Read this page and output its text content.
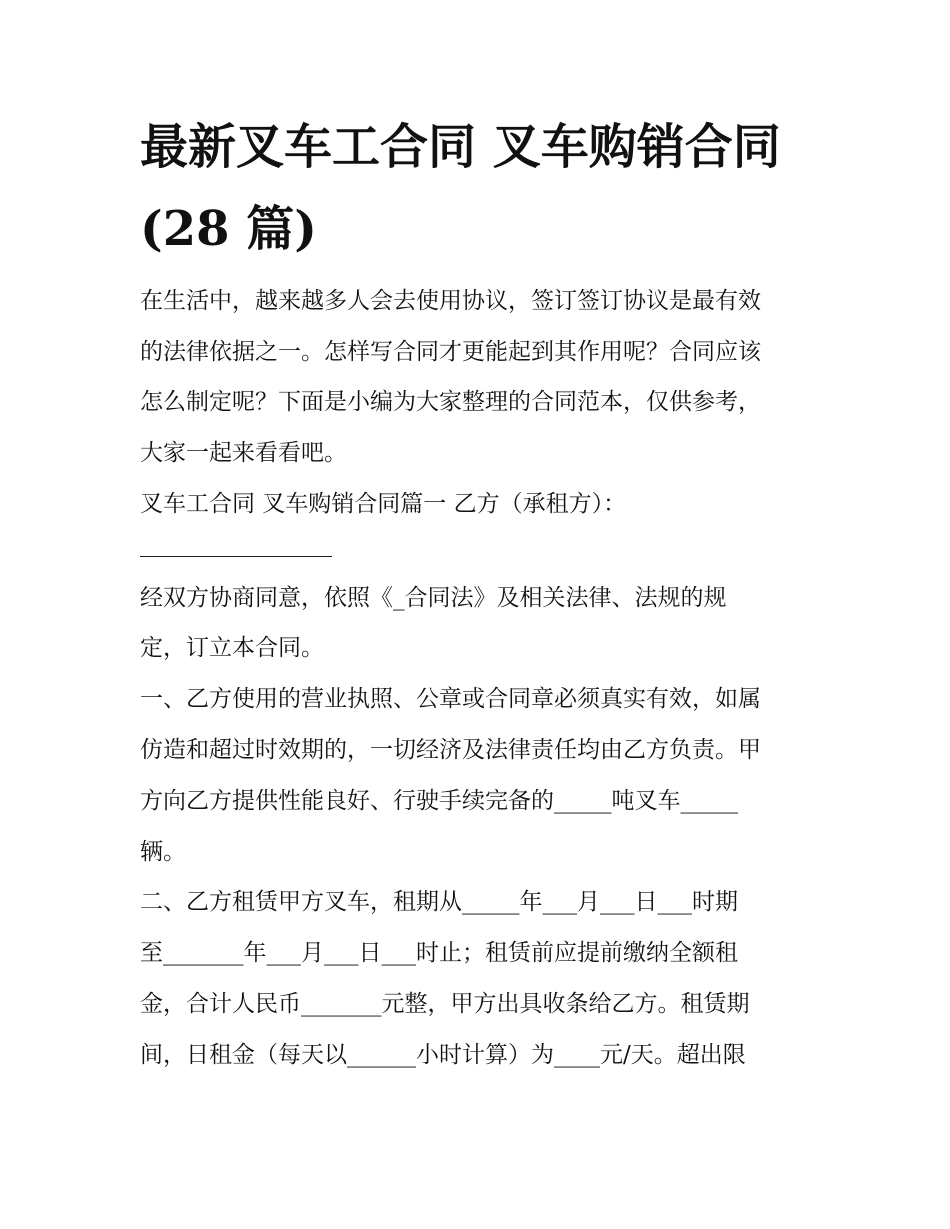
最新叉车工合同 叉车购销合同
(28 篇)

在生活中，越来越多人会去使用协议，签订签订协议是最有效

的法律依据之一。怎样写合同才更能起到其作用呢？合同应该

怎么制定呢？下面是小编为大家整理的合同范本，仅供参考，

大家一起来看看吧。

叉车工合同 叉车购销合同篇一 乙方（承租方）：

经双方协商同意，依照《_合同法》及相关法律、法规的规

定，订立本合同。

一、乙方使用的营业执照、公章或合同章必须真实有效，如属

仿造和超过时效期的，一切经济及法律责任均由乙方负责。甲

方向乙方提供性能良好、行驶手续完备的_____吨叉车_____

辆。

二、乙方租赁甲方叉车，租期从_____年___月___日___时期

至_______年___月___日___时止；租赁前应提前缴纳全额租

金，合计人民币_______元整，甲方出具收条给乙方。租赁期

间，日租金（每天以______小时计算）为____元/天。超出限
